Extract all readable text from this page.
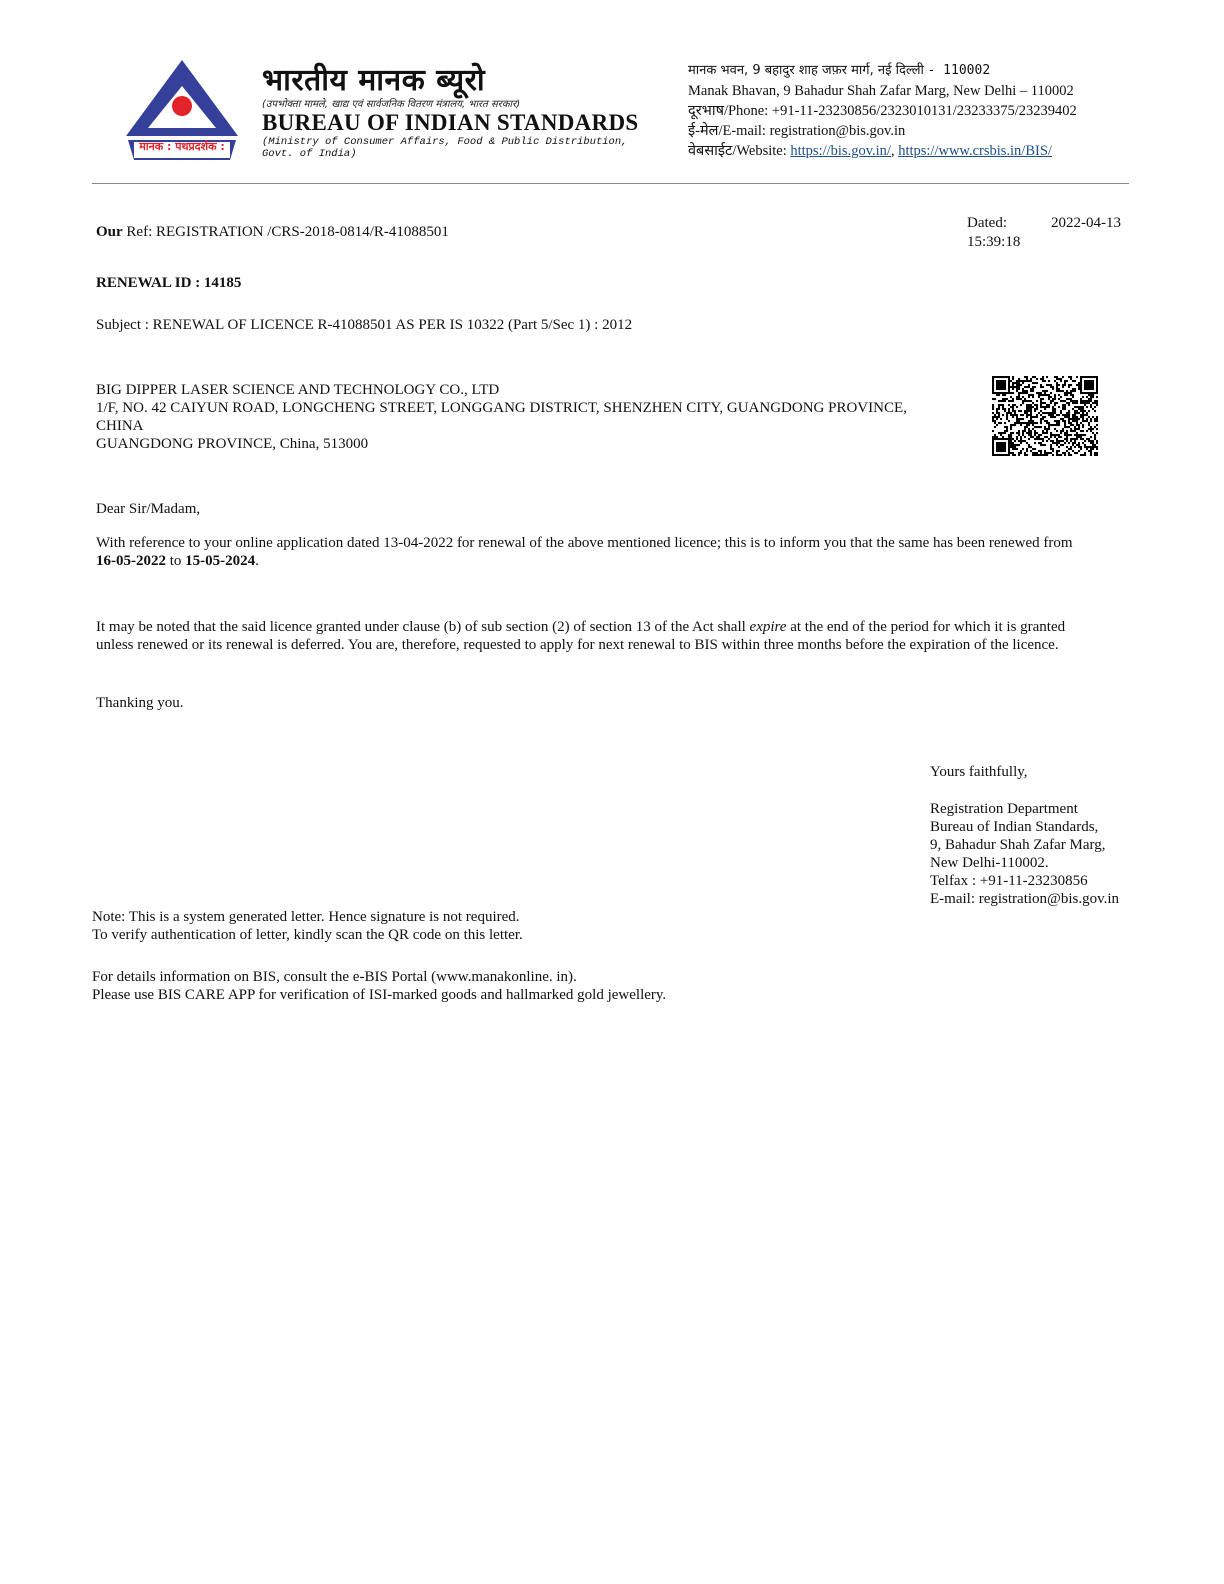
मानक : पथप्रदर्शक :
भारतीय मानक ब्यूरो
(उपभोक्ता मामले, खाद्य एवं सार्वजनिक वितरण मंत्रालय, भारत सरकार)
BUREAU OF INDIAN STANDARDS
(Ministry of Consumer Affairs, Food & Public Distribution,
Govt. of India)
मानक भवन, 9 बहादुर शाह जफ़र मार्ग, नई दिल्ली - 110002
Manak Bhavan, 9 Bahadur Shah Zafar Marg, New Delhi – 110002
दूरभाष/Phone: +91-11-23230856/2323010131/23233375/23239402
ई-मेल/E-mail: registration@bis.gov.in
वेबसाईट/Website: https://bis.gov.in/, https://www.crsbis.in/BIS/
Our Ref: REGISTRATION /CRS-2018-0814/R-41088501
Dated:	2022-04-13
15:39:18
RENEWAL ID : 14185
Subject : RENEWAL OF LICENCE R-41088501 AS PER IS 10322 (Part 5/Sec 1) : 2012
BIG DIPPER LASER SCIENCE AND TECHNOLOGY CO., LTD
1/F, NO. 42 CAIYUN ROAD, LONGCHENG STREET, LONGGANG DISTRICT, SHENZHEN CITY, GUANGDONG PROVINCE,
CHINA
GUANGDONG PROVINCE, China, 513000
Dear Sir/Madam,
With reference to your online application dated 13-04-2022 for renewal of the above mentioned licence; this is to inform you that the same has been renewed from
16-05-2022 to 15-05-2024.
It may be noted that the said licence granted under clause (b) of sub section (2) of section 13 of the Act shall expire at the end of the period for which it is granted
unless renewed or its renewal is deferred. You are, therefore, requested to apply for next renewal to BIS within three months before the expiration of the licence.
Thanking you.
Yours faithfully,
Registration Department
Bureau of Indian Standards,
9, Bahadur Shah Zafar Marg,
New Delhi-110002.
Telfax : +91-11-23230856
E-mail: registration@bis.gov.in
Note: This is a system generated letter. Hence signature is not required.
To verify authentication of letter, kindly scan the QR code on this letter.
For details information on BIS, consult the e-BIS Portal (www.manakonline. in).
Please use BIS CARE APP for verification of ISI-marked goods and hallmarked gold jewellery.
